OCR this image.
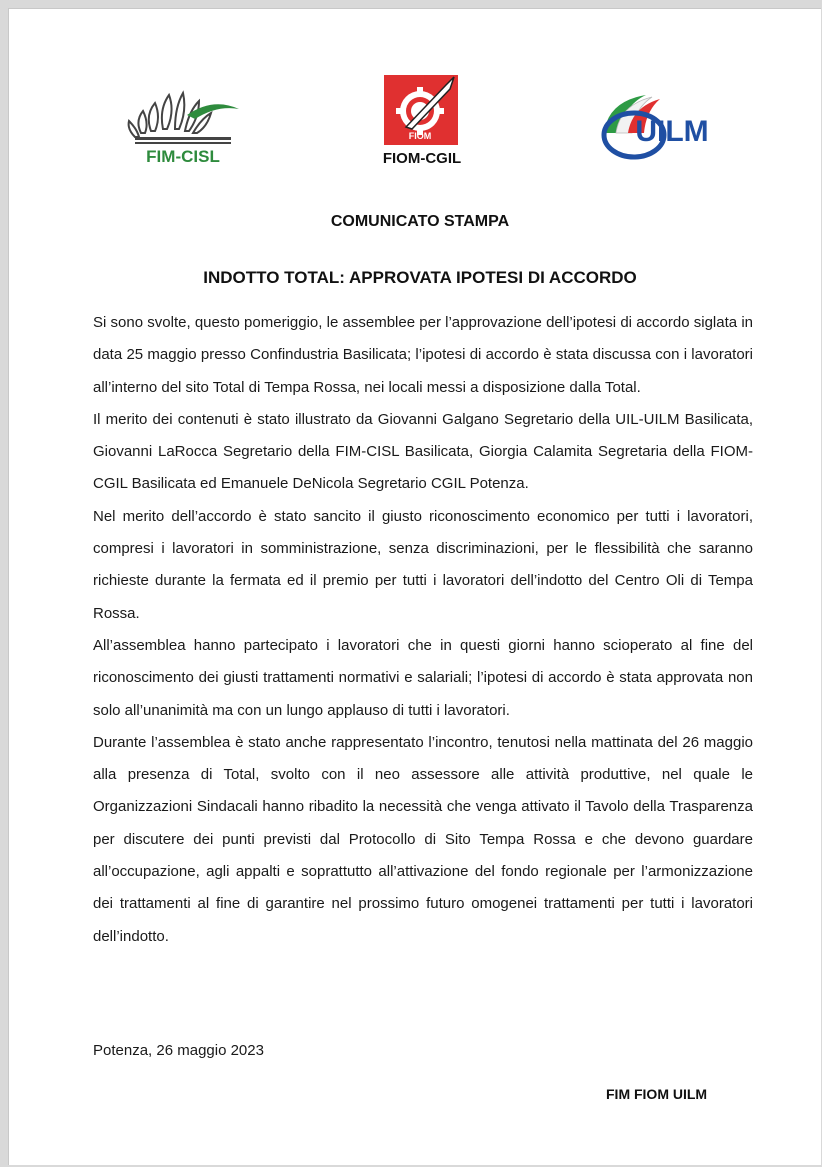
FIM-CISL
FIOM
FIOM-CGIL
UILM
COMUNICATO STAMPA
INDOTTO TOTAL: APPROVATA IPOTESI DI ACCORDO

Si sono svolte, questo pomeriggio, le assemblee per l’approvazione dell’ipotesi di accordo siglata in data 25 maggio presso Confindustria Basilicata; l’ipotesi di accordo è stata discussa con i lavoratori all’interno del sito Total di Tempa Rossa, nei locali messi a disposizione dalla Total.

Il merito dei contenuti è stato illustrato da Giovanni Galgano Segretario della UIL-UILM Basilicata, Giovanni LaRocca Segretario della FIM-CISL Basilicata, Giorgia Calamita Segretaria della FIOM-CGIL Basilicata ed Emanuele DeNicola Segretario CGIL Potenza.

Nel merito dell’accordo è stato sancito il giusto riconoscimento economico per tutti i lavoratori, compresi i lavoratori in somministrazione, senza discriminazioni, per le flessibilità che saranno richieste durante la fermata ed il premio per tutti i lavoratori dell’indotto del Centro Oli di Tempa Rossa.

All’assemblea hanno partecipato i lavoratori che in questi giorni hanno scioperato al fine del riconoscimento dei giusti trattamenti normativi e salariali; l’ipotesi di accordo è stata approvata non solo all’unanimità ma con un lungo applauso di tutti i lavoratori.

Durante l’assemblea è stato anche rappresentato l’incontro, tenutosi nella mattinata del 26 maggio alla presenza di Total, svolto con il neo assessore alle attività produttive, nel quale le Organizzazioni Sindacali hanno ribadito la necessità che venga attivato il Tavolo della Trasparenza per discutere dei punti previsti dal Protocollo di Sito Tempa Rossa e che devono guardare all’occupazione, agli appalti e soprattutto all’attivazione del fondo regionale per l’armonizzazione dei trattamenti al fine di garantire nel prossimo futuro omogenei trattamenti per tutti i lavoratori dell’indotto.

Potenza, 26 maggio 2023
FIM FIOM UILM
